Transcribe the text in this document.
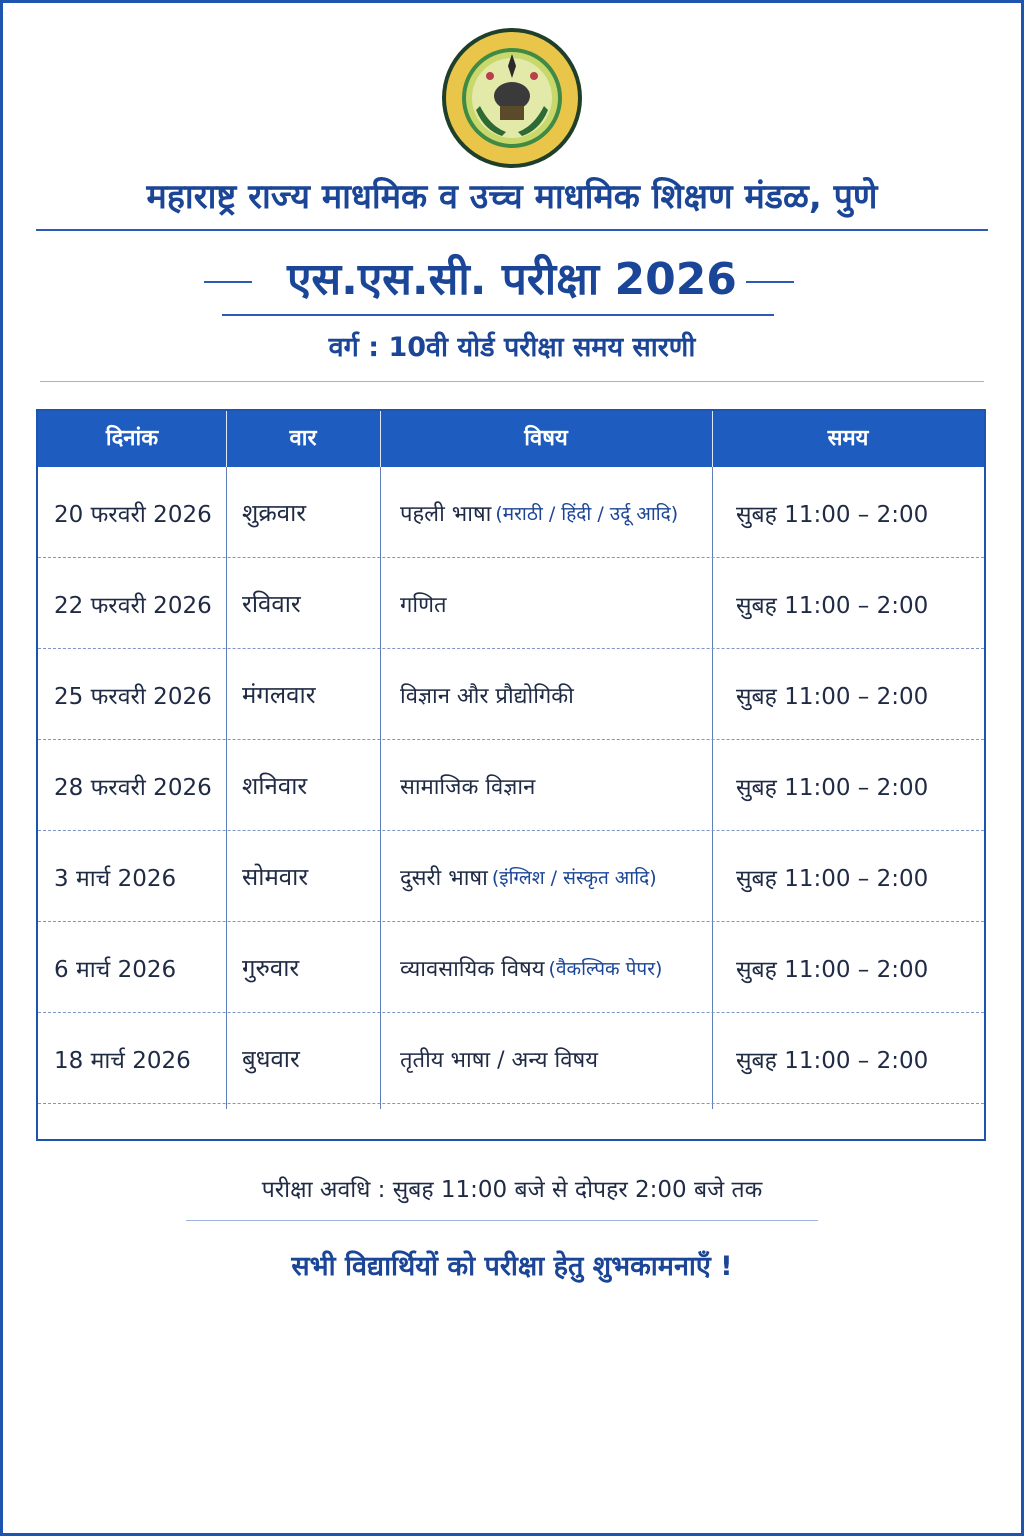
महाराष्ट्र राज्य माधमिक व उच्च माधमिक शिक्षण मंडळ, पुणे
एस.एस.सी. परीक्षा 2026
वर्ग : 10वी योर्ड परीक्षा समय सारणी
दिनांक	वार	विषय	समय
20 फरवरी 2026	शुक्रवार	पहली भाषा (मराठी / हिंदी / उर्दू आदि)	सुबह 11:00 – 2:00
22 फरवरी 2026	रविवार	गणित	सुबह 11:00 – 2:00
25 फरवरी 2026	मंगलवार	विज्ञान और प्रौद्योगिकी	सुबह 11:00 – 2:00
28 फरवरी 2026	शनिवार	सामाजिक विज्ञान	सुबह 11:00 – 2:00
3 मार्च 2026	सोमवार	दुसरी भाषा (इंग्लिश / संस्कृत आदि)	सुबह 11:00 – 2:00
6 मार्च 2026	गुरुवार	व्यावसायिक विषय (वैकल्पिक पेपर)	सुबह 11:00 – 2:00
18 मार्च 2026	बुधवार	तृतीय भाषा / अन्य विषय	सुबह 11:00 – 2:00
परीक्षा अवधि : सुबह 11:00 बजे से दोपहर 2:00 बजे तक
सभी विद्यार्थियों को परीक्षा हेतु शुभकामनाएँ !
